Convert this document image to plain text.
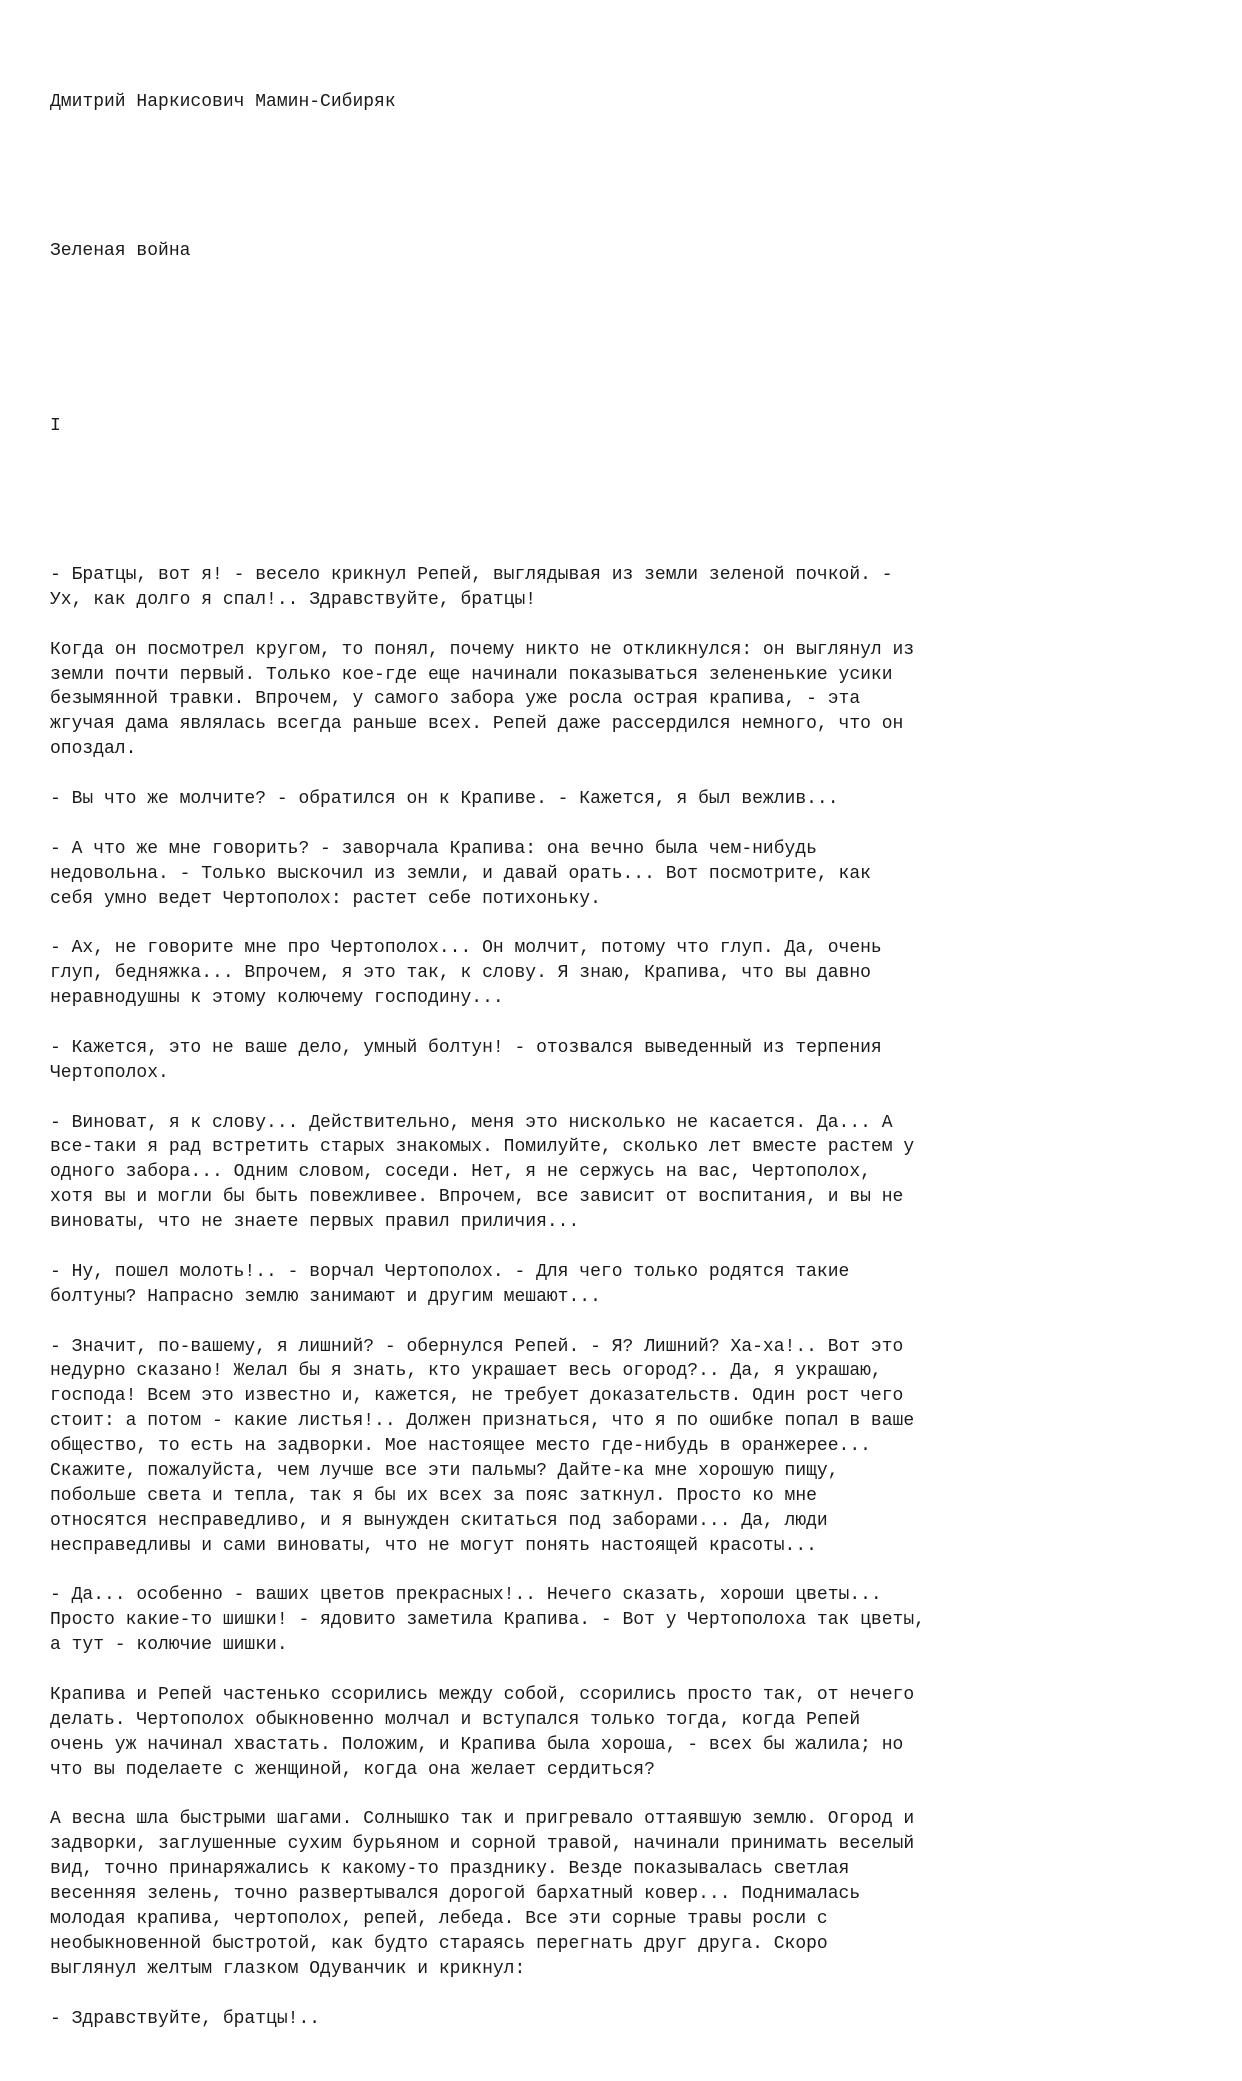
Дмитрий Наркисович Мамин-Сибиряк

Зеленая война

I

- Братцы, вот я! - весело крикнул Репей, выглядывая из земли зеленой почкой. -
Ух, как долго я спал!.. Здравствуйте, братцы!
Когда он посмотрел кругом, то понял, почему никто не откликнулся: он выглянул из
земли почти первый. Только кое-где еще начинали показываться зелененькие усики
безымянной травки. Впрочем, у самого забора уже росла острая крапива, - эта
жгучая дама являлась всегда раньше всех. Репей даже рассердился немного, что он
опоздал.
- Вы что же молчите? - обратился он к Крапиве. - Кажется, я был вежлив...
- А что же мне говорить? - заворчала Крапива: она вечно была чем-нибудь
недовольна. - Только выскочил из земли, и давай орать... Вот посмотрите, как
себя умно ведет Чертополох: растет себе потихоньку.
- Ах, не говорите мне про Чертополох... Он молчит, потому что глуп. Да, очень
глуп, бедняжка... Впрочем, я это так, к слову. Я знаю, Крапива, что вы давно
неравнодушны к этому колючему господину...
- Кажется, это не ваше дело, умный болтун! - отозвался выведенный из терпения
Чертополох.
- Виноват, я к слову... Действительно, меня это нисколько не касается. Да... А
все-таки я рад встретить старых знакомых. Помилуйте, сколько лет вместе растем у
одного забора... Одним словом, соседи. Нет, я не сержусь на вас, Чертополох,
хотя вы и могли бы быть повежливее. Впрочем, все зависит от воспитания, и вы не
виноваты, что не знаете первых правил приличия...
- Ну, пошел молоть!.. - ворчал Чертополох. - Для чего только родятся такие
болтуны? Напрасно землю занимают и другим мешают...
- Значит, по-вашему, я лишний? - обернулся Репей. - Я? Лишний? Ха-ха!.. Вот это
недурно сказано! Желал бы я знать, кто украшает весь огород?.. Да, я украшаю,
господа! Всем это известно и, кажется, не требует доказательств. Один рост чего
стоит: а потом - какие листья!.. Должен признаться, что я по ошибке попал в ваше
общество, то есть на задворки. Мое настоящее место где-нибудь в оранжерее...
Скажите, пожалуйста, чем лучше все эти пальмы? Дайте-ка мне хорошую пищу,
побольше света и тепла, так я бы их всех за пояс заткнул. Просто ко мне
относятся несправедливо, и я вынужден скитаться под заборами... Да, люди
несправедливы и сами виноваты, что не могут понять настоящей красоты...
- Да... особенно - ваших цветов прекрасных!.. Нечего сказать, хороши цветы...
Просто какие-то шишки! - ядовито заметила Крапива. - Вот у Чертополоха так цветы,
а тут - колючие шишки.
Крапива и Репей частенько ссорились между собой, ссорились просто так, от нечего
делать. Чертополох обыкновенно молчал и вступался только тогда, когда Репей
очень уж начинал хвастать. Положим, и Крапива была хороша, - всех бы жалила; но
что вы поделаете с женщиной, когда она желает сердиться?
А весна шла быстрыми шагами. Солнышко так и пригревало оттаявшую землю. Огород и
задворки, заглушенные сухим бурьяном и сорной травой, начинали принимать веселый
вид, точно принаряжались к какому-то празднику. Везде показывалась светлая
весенняя зелень, точно развертывался дорогой бархатный ковер... Поднималась
молодая крапива, чертополох, репей, лебеда. Все эти сорные травы росли с
необыкновенной быстротой, как будто стараясь перегнать друг друга. Скоро
выглянул желтым глазком Одуванчик и крикнул:
- Здравствуйте, братцы!..
